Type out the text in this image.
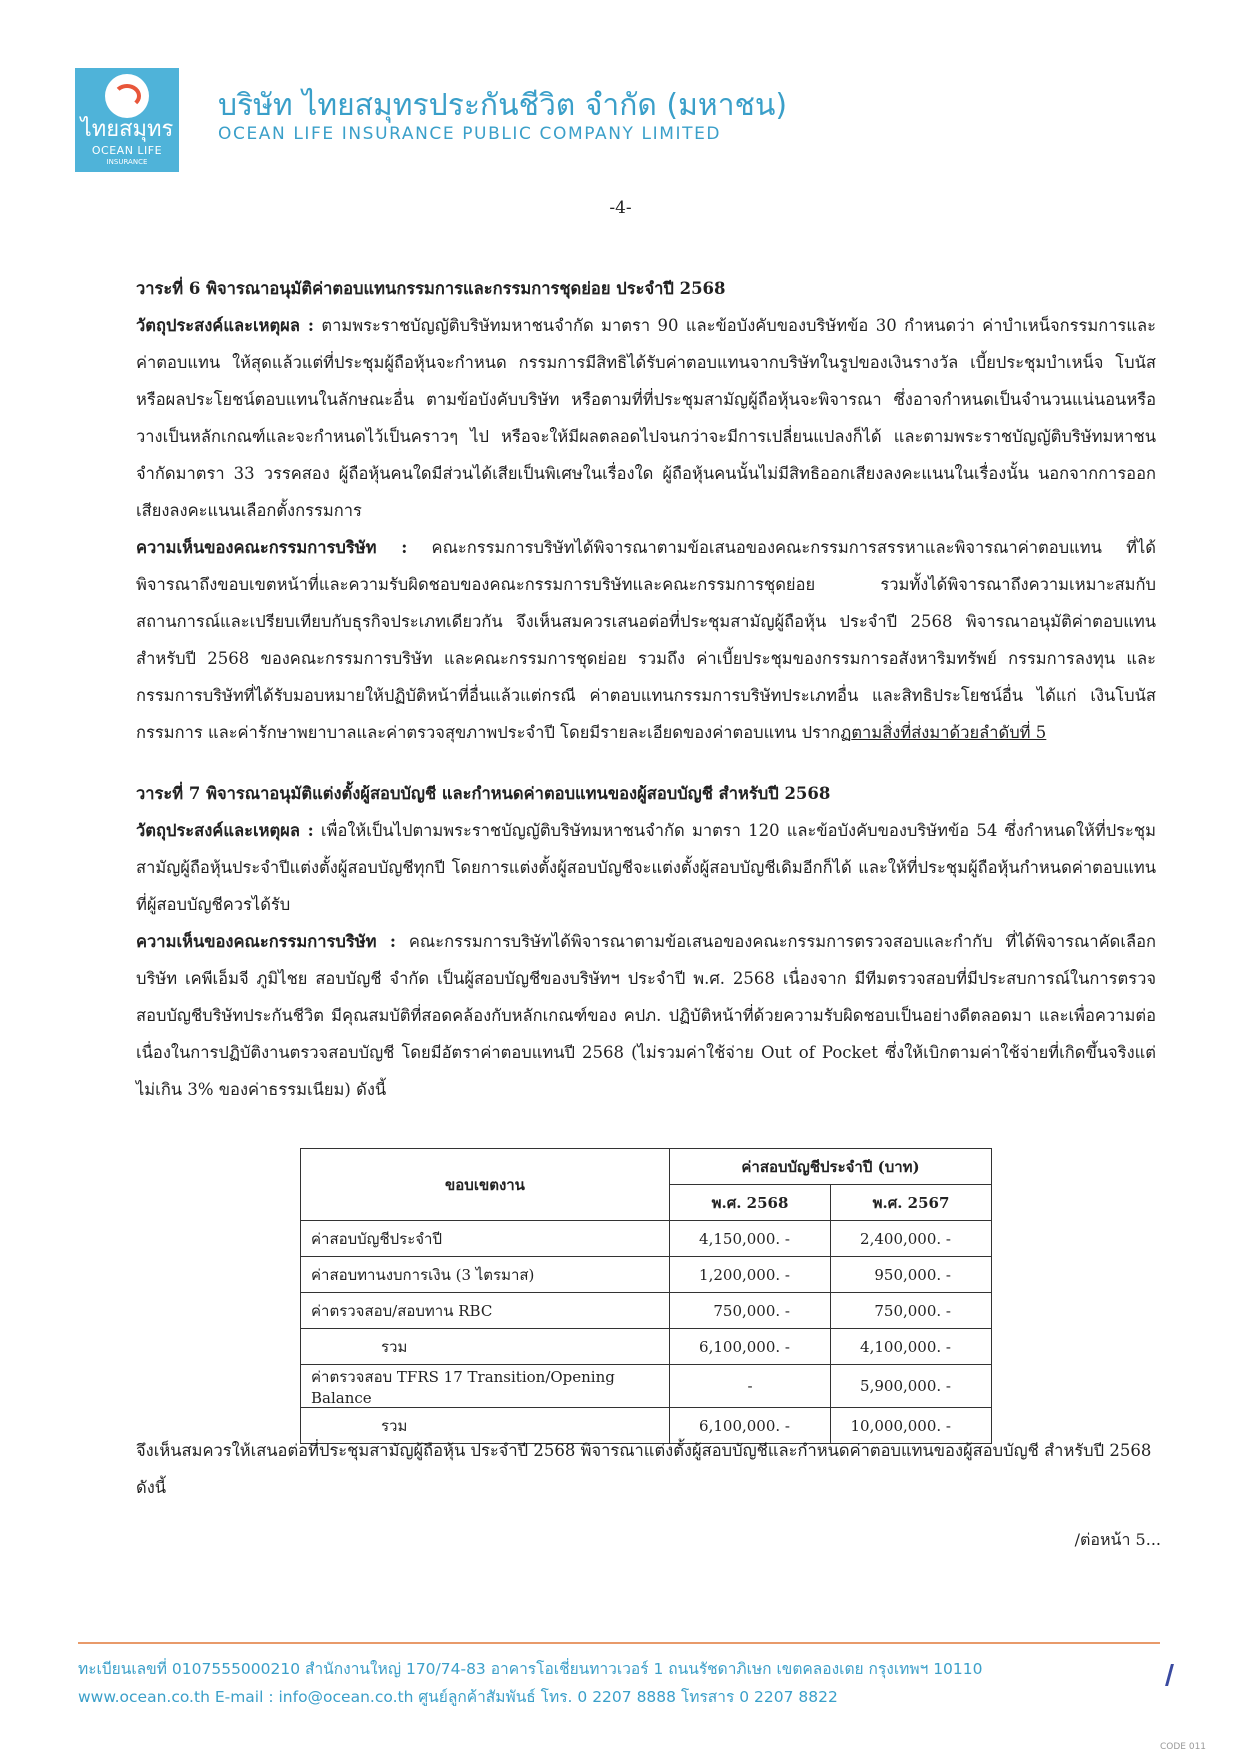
ไทยสมุทร
OCEAN LIFE
INSURANCE
บริษัท ไทยสมุทรประกันชีวิต จำกัด (มหาชน)
OCEAN LIFE INSURANCE PUBLIC COMPANY LIMITED
-4-

วาระที่ 6 พิจารณาอนุมัติค่าตอบแทนกรรมการและกรรมการชุดย่อย ประจำปี 2568

วัตถุประสงค์และเหตุผล : ตามพระราชบัญญัติบริษัทมหาชนจำกัด มาตรา 90 และข้อบังคับของบริษัทข้อ 30 กำหนดว่า ค่าบำเหน็จกรรมการและค่าตอบแทน ให้สุดแล้วแต่ที่ประชุมผู้ถือหุ้นจะกำหนด กรรมการมีสิทธิได้รับค่าตอบแทนจากบริษัทในรูปของเงินรางวัล เบี้ยประชุมบำเหน็จ โบนัส หรือผลประโยชน์ตอบแทนในลักษณะอื่น ตามข้อบังคับบริษัท หรือตามที่ที่ประชุมสามัญผู้ถือหุ้นจะพิจารณา ซึ่งอาจกำหนดเป็นจำนวนแน่นอนหรือวางเป็นหลักเกณฑ์และจะกำหนดไว้เป็นคราวๆ ไป หรือจะให้มีผลตลอดไปจนกว่าจะมีการเปลี่ยนแปลงก็ได้ และตามพระราชบัญญัติบริษัทมหาชนจำกัดมาตรา 33 วรรคสอง ผู้ถือหุ้นคนใดมีส่วนได้เสียเป็นพิเศษในเรื่องใด ผู้ถือหุ้นคนนั้นไม่มีสิทธิออกเสียงลงคะแนนในเรื่องนั้น นอกจากการออกเสียงลงคะแนนเลือกตั้งกรรมการ

ความเห็นของคณะกรรมการบริษัท : คณะกรรมการบริษัทได้พิจารณาตามข้อเสนอของคณะกรรมการสรรหาและพิจารณาค่าตอบแทน ที่ได้พิจารณาถึงขอบเขตหน้าที่และความรับผิดชอบของคณะกรรมการบริษัทและคณะกรรมการชุดย่อย รวมทั้งได้พิจารณาถึงความเหมาะสมกับสถานการณ์และเปรียบเทียบกับธุรกิจประเภทเดียวกัน จึงเห็นสมควรเสนอต่อที่ประชุมสามัญผู้ถือหุ้น ประจำปี 2568 พิจารณาอนุมัติค่าตอบแทนสำหรับปี 2568 ของคณะกรรมการบริษัท และคณะกรรมการชุดย่อย รวมถึง ค่าเบี้ยประชุมของกรรมการอสังหาริมทรัพย์ กรรมการลงทุน และกรรมการบริษัทที่ได้รับมอบหมายให้ปฏิบัติหน้าที่อื่นแล้วแต่กรณี ค่าตอบแทนกรรมการบริษัทประเภทอื่น และสิทธิประโยชน์อื่น ได้แก่ เงินโบนัสกรรมการ และค่ารักษาพยาบาลและค่าตรวจสุขภาพประจำปี โดยมีรายละเอียดของค่าตอบแทน ปรากฏตามสิ่งที่ส่งมาด้วยลำดับที่ 5

วาระที่ 7 พิจารณาอนุมัติแต่งตั้งผู้สอบบัญชี และกำหนดค่าตอบแทนของผู้สอบบัญชี สำหรับปี 2568

วัตถุประสงค์และเหตุผล : เพื่อให้เป็นไปตามพระราชบัญญัติบริษัทมหาชนจำกัด มาตรา 120 และข้อบังคับของบริษัทข้อ 54 ซึ่งกำหนดให้ที่ประชุมสามัญผู้ถือหุ้นประจำปีแต่งตั้งผู้สอบบัญชีทุกปี โดยการแต่งตั้งผู้สอบบัญชีจะแต่งตั้งผู้สอบบัญชีเดิมอีกก็ได้ และให้ที่ประชุมผู้ถือหุ้นกำหนดค่าตอบแทนที่ผู้สอบบัญชีควรได้รับ

ความเห็นของคณะกรรมการบริษัท : คณะกรรมการบริษัทได้พิจารณาตามข้อเสนอของคณะกรรมการตรวจสอบและกำกับ ที่ได้พิจารณาคัดเลือก บริษัท เคพีเอ็มจี ภูมิไชย สอบบัญชี จำกัด เป็นผู้สอบบัญชีของบริษัทฯ ประจำปี พ.ศ. 2568 เนื่องจาก มีทีมตรวจสอบที่มีประสบการณ์ในการตรวจสอบบัญชีบริษัทประกันชีวิต มีคุณสมบัติที่สอดคล้องกับหลักเกณฑ์ของ คปภ. ปฏิบัติหน้าที่ด้วยความรับผิดชอบเป็นอย่างดีตลอดมา และเพื่อความต่อเนื่องในการปฏิบัติงานตรวจสอบบัญชี โดยมีอัตราค่าตอบแทนปี 2568 (ไม่รวมค่าใช้จ่าย Out of Pocket ซึ่งให้เบิกตามค่าใช้จ่ายที่เกิดขึ้นจริงแต่ไม่เกิน 3% ของค่าธรรมเนียม) ดังนี้

ขอบเขตงาน	ค่าสอบบัญชีประจำปี (บาท)	
	พ.ศ. 2568	พ.ศ. 2567
ค่าสอบบัญชีประจำปี	4,150,000. -	2,400,000. -
ค่าสอบทานงบการเงิน (3 ไตรมาส)	1,200,000. -	950,000. -
ค่าตรวจสอบ/สอบทาน RBC	750,000. -	750,000. -
รวม	6,100,000. -	4,100,000. -
ค่าตรวจสอบ TFRS 17 Transition/Opening Balance	-	5,900,000. -
รวม	6,100,000. -	10,000,000. -
จึงเห็นสมควรให้เสนอต่อที่ประชุมสามัญผู้ถือหุ้น ประจำปี 2568 พิจารณาแต่งตั้งผู้สอบบัญชีและกำหนดค่าตอบแทนของผู้สอบบัญชี สำหรับปี 2568 ดังนี้
/ต่อหน้า 5...
ทะเบียนเลขที่ 0107555000210 สำนักงานใหญ่ 170/74-83 อาคารโอเชี่ยนทาวเวอร์ 1 ถนนรัชดาภิเษก เขตคลองเตย กรุงเทพฯ 10110
www.ocean.co.th E-mail : info@ocean.co.th ศูนย์ลูกค้าสัมพันธ์ โทร. 0 2207 8888 โทรสาร 0 2207 8822
CODE 011
